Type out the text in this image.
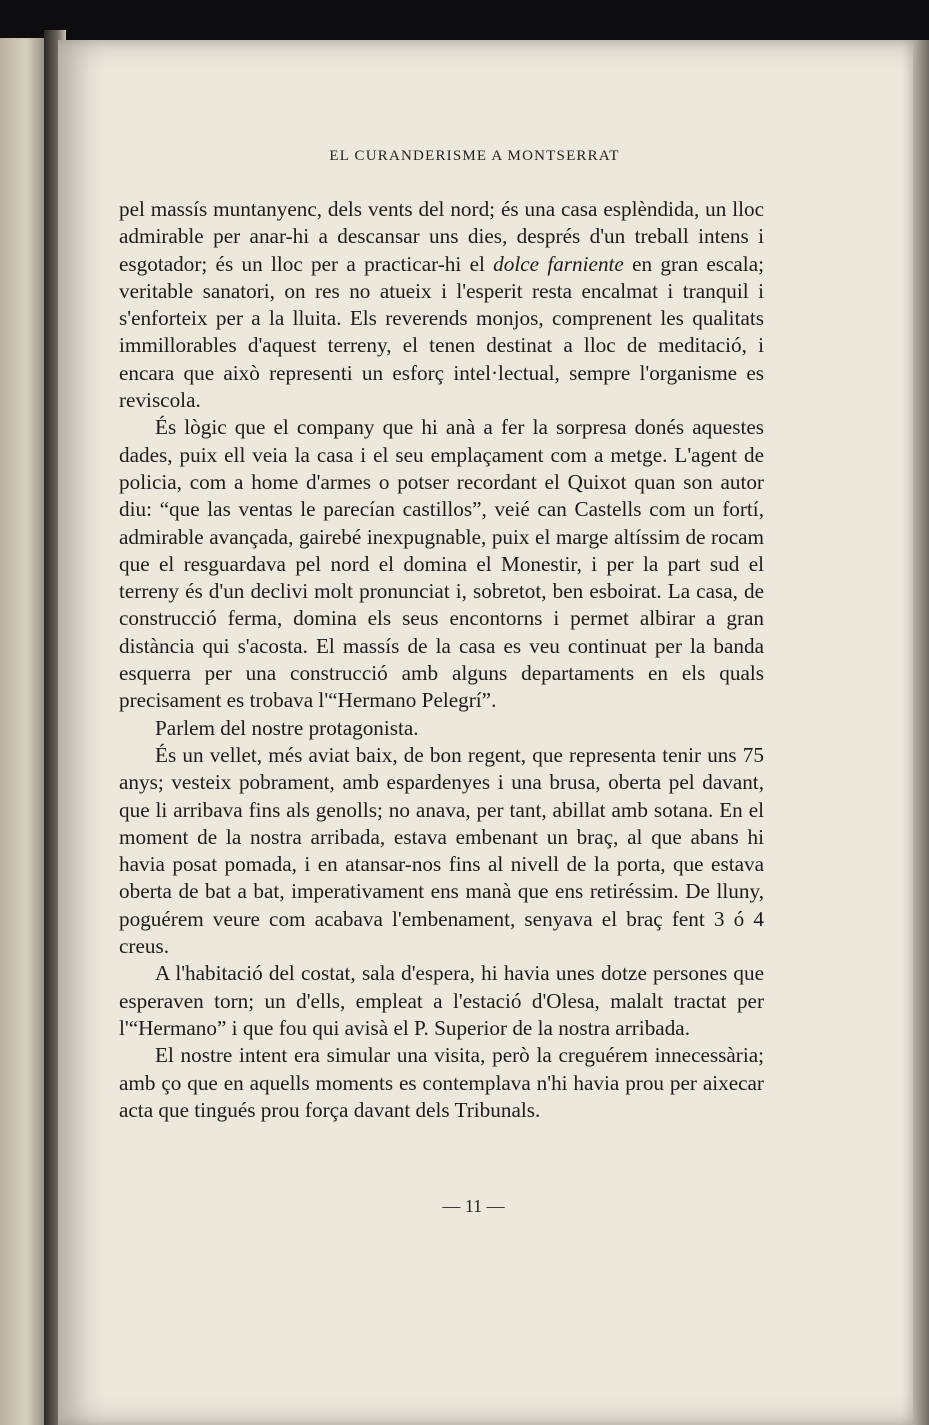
EL CURANDERISME A MONTSERRAT

pel massís muntanyenc, dels vents del nord; és una casa esplèndida, un lloc admirable per anar-hi a descansar uns dies, després d'un treball intens i esgotador; és un lloc per a practicar-hi el dolce farniente en gran escala; veritable sanatori, on res no atueix i l'esperit resta encalmat i tranquil i s'enforteix per a la lluita. Els reverends monjos, comprenent les qualitats immillorables d'aquest terreny, el tenen destinat a lloc de meditació, i encara que això representi un esforç intel·lectual, sempre l'organisme es reviscola.

És lògic que el company que hi anà a fer la sorpresa donés aquestes dades, puix ell veia la casa i el seu emplaçament com a metge. L'agent de policia, com a home d'armes o potser recordant el Quixot quan son autor diu: “que las ventas le parecían castillos”, veié can Castells com un fortí, admirable avançada, gairebé inexpugnable, puix el marge altíssim de rocam que el resguardava pel nord el domina el Monestir, i per la part sud el terreny és d'un declivi molt pronunciat i, sobretot, ben esboirat. La casa, de construcció ferma, domina els seus encontorns i permet albirar a gran distància qui s'acosta. El massís de la casa es veu continuat per la banda esquerra per una construcció amb alguns departaments en els quals precisament es trobava l'“Hermano Pelegrí”.

Parlem del nostre protagonista.

És un vellet, més aviat baix, de bon regent, que representa tenir uns 75 anys; vesteix pobrament, amb espardenyes i una brusa, oberta pel davant, que li arribava fins als genolls; no anava, per tant, abillat amb sotana. En el moment de la nostra arribada, estava embenant un braç, al que abans hi havia posat pomada, i en atansar-nos fins al nivell de la porta, que estava oberta de bat a bat, imperativament ens manà que ens retiréssim. De lluny, poguérem veure com acabava l'embenament, senyava el braç fent 3 ó 4 creus.

A l'habitació del costat, sala d'espera, hi havia unes dotze persones que esperaven torn; un d'ells, empleat a l'estació d'Olesa, malalt tractat per l'“Hermano” i que fou qui avisà el P. Superior de la nostra arribada.

El nostre intent era simular una visita, però la creguérem innecessària; amb ço que en aquells moments es contemplava n'hi havia prou per aixecar acta que tingués prou força davant dels Tribunals.

— 11 —
